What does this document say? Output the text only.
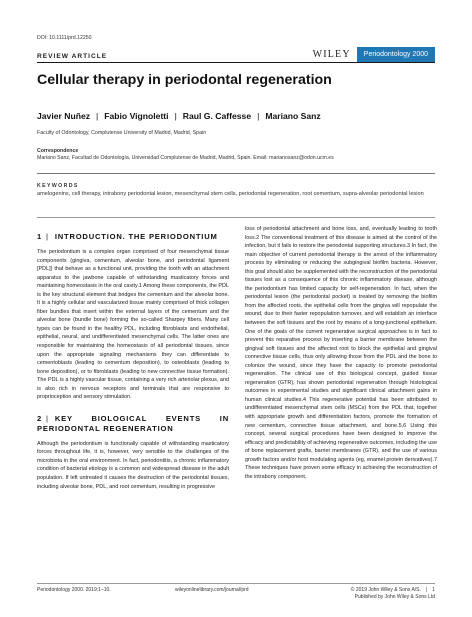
DOI: 10.1111/prd.12250
WILEY	Periodontology 2000
REVIEW ARTICLE
Cellular therapy in periodontal regeneration
Javier Nuñez | Fabio Vignoletti | Raul G. Caffesse | Mariano Sanz
Faculty of Odontology, Complutense University of Madrid, Madrid, Spain
Correspondence
Mariano Sanz, Facultad de Odontología, Universidad Complutense de Madrid, Madrid, Spain. Email: marianosanz@odon.ucm.es
KEYWORDS
amelogenins, cell therapy, intrabony periodontal lesion, mesenchymal stem cells, periodontal regeneration, root cementum, supra-alveolar periodontal lesion
1 | INTRODUCTION. THE PERIODONTIUM

The periodontium is a complex organ comprised of four mesenchymal tissue components (gingiva, cementum, alveolar bone, and periodontal ligament [PDL]) that behave as a functional unit, providing the tooth with an attachment apparatus to the jawbone capable of withstanding masticatory forces and maintaining homeostasis in the oral cavity.1 Among these components, the PDL is the key structural element that bridges the cementum and the alveolar bone. It is a highly cellular and vascularized tissue mainly comprised of thick collagen fiber bundles that insert within the external layers of the cementum and the alveolar bone (bundle bone) forming the so-called Sharpey fibers. Many cell types can be found in the healthy PDL, including fibroblasts and endothelial, epithelial, neural, and undifferentiated mesenchymal cells. The latter ones are responsible for maintaining the homeostasis of all periodontal tissues, since upon the appropriate signaling mechanisms they can differentiate to cementoblasts (leading to cementum deposition), to osteoblasts (leading to bone deposition), or to fibroblasts (leading to new connective tissue formation). The PDL is a highly vascular tissue, containing a very rich arteriolar plexus, and is also rich in nervous receptors and terminals that are responsive to proprioception and sensory stimulation.

2 | KEY BIOLOGICAL EVENTS IN PERIODONTAL REGENERATION

Although the periodontium is functionally capable of withstanding masticatory forces throughout life, it is, however, very sensible to the challenges of the microbiota in the oral environment. In fact, periodontitis, a chronic inflammatory condition of bacterial etiology is a common and widespread disease in the adult population. If left untreated it causes the destruction of the periodontal tissues, including alveolar bone, PDL, and root cementum, resulting in progressive

loss of periodontal attachment and bone loss, and, eventually leading to tooth loss.2 The conventional treatment of this disease is aimed at the control of the infection, but it fails to restore the periodontal supporting structures.3 In fact, the main objective of current periodontal therapy is the arrest of the inflammatory process by eliminating or reducing the subgingival biofilm bacteria. However, this goal should also be supplemented with the reconstruction of the periodontal tissues lost as a consequence of this chronic inflammatory disease, although the periodontium has limited capacity for self-regeneration. In fact, when the periodontal lesion (the periodontal pocket) is treated by removing the biofilm from the affected roots, the epithelial cells from the gingiva will repopulate the wound, due to their faster repopulation turnover, and will establish an interface between the soft tissues and the root by means of a long-junctional epithelium. One of the goals of the current regenerative surgical approaches is in fact to prevent this reparative process by inserting a barrier membrane between the gingival soft tissues and the affected root to block the epithelial and gingival connective tissue cells, thus only allowing those from the PDL and the bone to colonize the wound, since they have the capacity to promote periodontal regeneration. The clinical use of this biological concept, guided tissue regeneration (GTR), has shown periodontal regeneration through histological outcomes in experimental studies and significant clinical attachment gains in human clinical studies.4 This regenerative potential has been attributed to undifferentiated mesenchymal stem cells (MSCs) from the PDL that, together with appropriate growth and differentiation factors, promote the formation of new cementum, connective tissue attachment, and bone.5,6 Using this concept, several surgical procedures have been designed to improve the efficacy and predictability of achieving regenerative outcomes, including the use of bone replacement grafts, barrier membranes (GTR), and the use of various growth factors and/or host modulating agents (eg, enamel protein derivatives).7 These techniques have proven some efficacy in achieving the reconstruction of the intrabony component,

Periodontology 2000. 2019;1–10.	wileyonlinelibrary.com/journal/prd	© 2019 John Wiley & Sons A/S. | 1
Published by John Wiley & Sons Ltd
